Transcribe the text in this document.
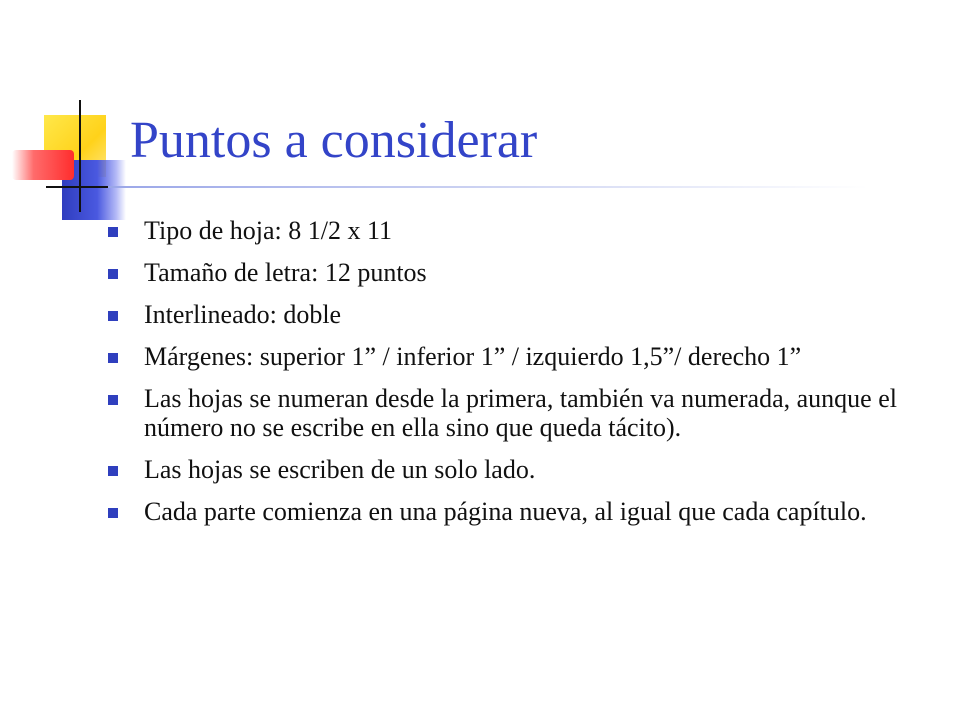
Puntos a considerar
Tipo de hoja: 8 1/2 x 11
Tamaño de letra: 12 puntos
Interlineado: doble
Márgenes: superior 1” / inferior 1” / izquierdo 1,5”/ derecho 1”
Las hojas se numeran desde la primera, también va numerada, aunque el número no se escribe en ella sino que queda tácito).
Las hojas se escriben de un solo lado.
Cada parte comienza en una página nueva, al igual que cada capítulo.
